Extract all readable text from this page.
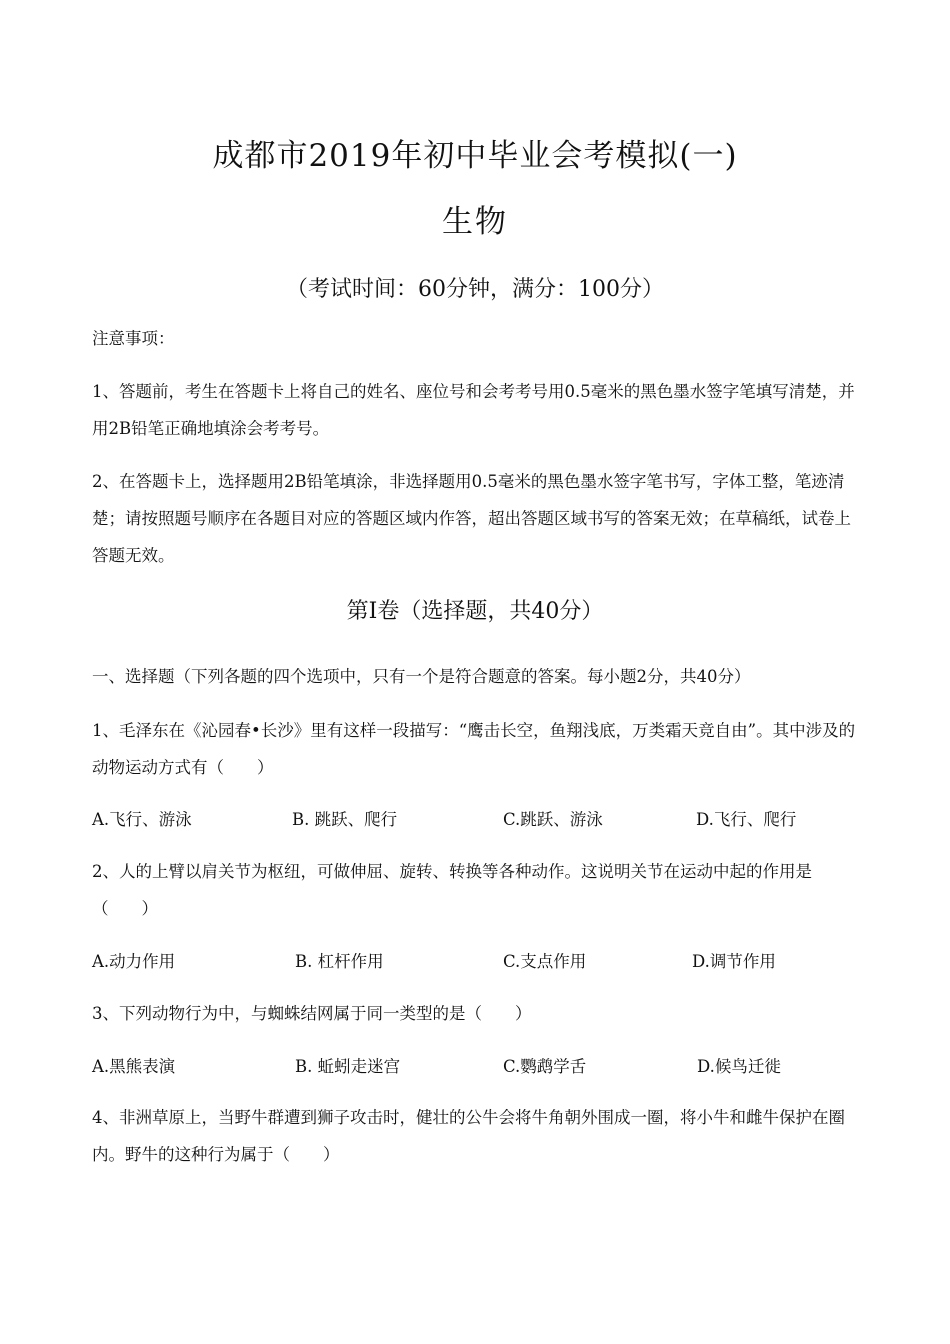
成都市2019年初中毕业会考模拟(一)
生物
（考试时间：60分钟，满分：100分）
注意事项：
1、答题前，考生在答题卡上将自己的姓名、座位号和会考考号用0.5毫米的黑色墨水签字笔填写清楚，并用2B铅笔正确地填涂会考考号。
2、在答题卡上，选择题用2B铅笔填涂，非选择题用0.5毫米的黑色墨水签字笔书写，字体工整，笔迹清楚；请按照题号顺序在各题目对应的答题区域内作答，超出答题区域书写的答案无效；在草稿纸，试卷上答题无效。
第I卷（选择题，共40分）
一、选择题（下列各题的四个选项中，只有一个是符合题意的答案。每小题2分，共40分）
1、毛泽东在《沁园春•长沙》里有这样一段描写：“鹰击长空，鱼翔浅底，万类霜天竞自由”。其中涉及的动物运动方式有（　　）
A.飞行、游泳	B. 跳跃、爬行	C.跳跃、游泳	D.飞行、爬行
2、人的上臂以肩关节为枢纽，可做伸屈、旋转、转换等各种动作。这说明关节在运动中起的作用是（　　）
A.动力作用	B. 杠杆作用	C.支点作用	D.调节作用
3、下列动物行为中，与蜘蛛结网属于同一类型的是（　　）
A.黑熊表演	B. 蚯蚓走迷宫	C.鹦鹉学舌	D.候鸟迁徙
4、非洲草原上，当野牛群遭到狮子攻击时，健壮的公牛会将牛角朝外围成一圈，将小牛和雌牛保护在圈内。野牛的这种行为属于（　　）
